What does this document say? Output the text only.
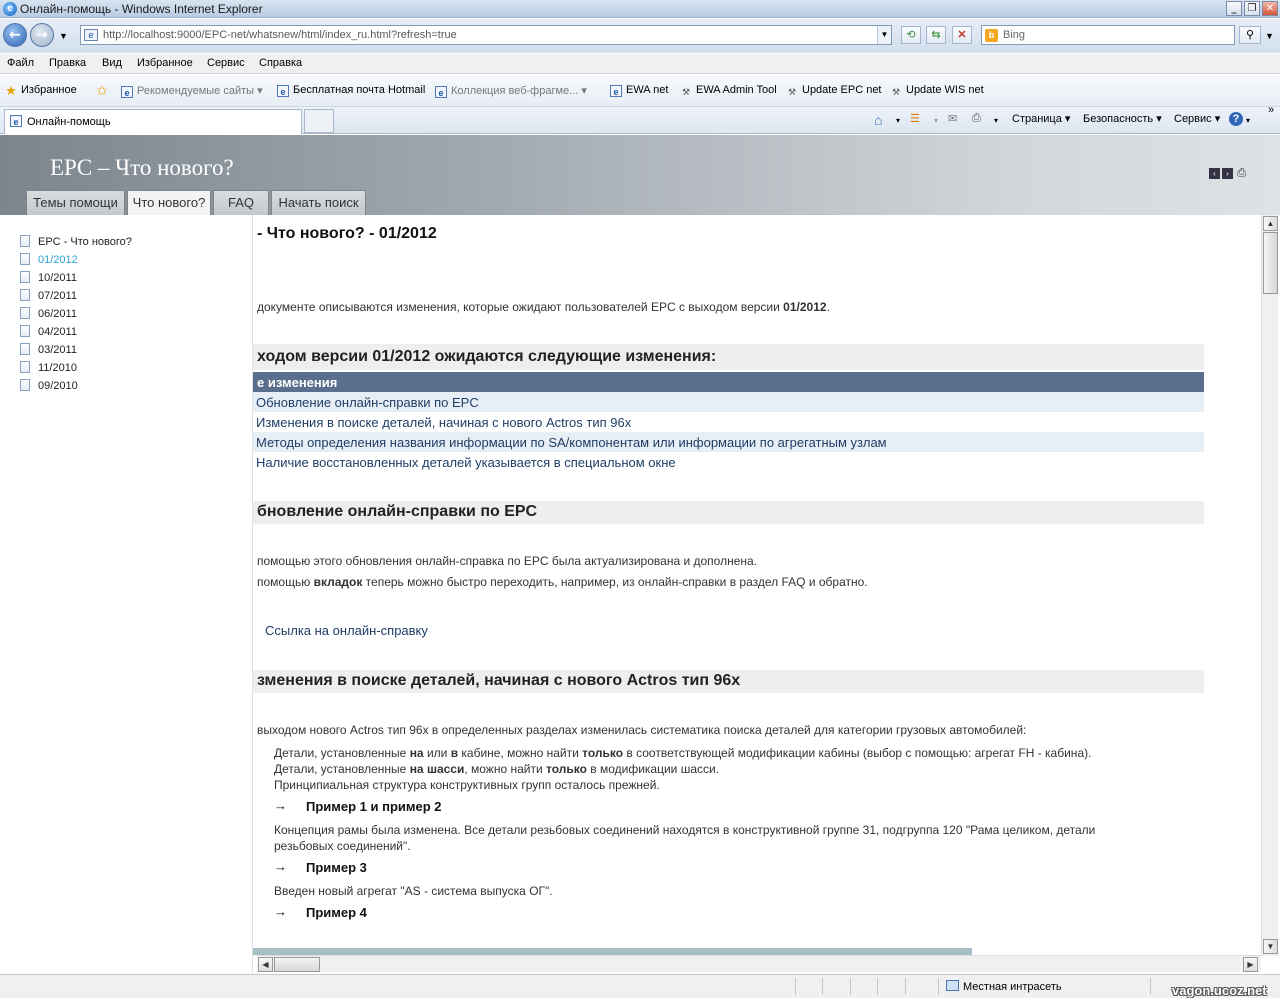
e Онлайн-помощь - Windows Internet Explorer	_	❐ ✕
←	→	▼	e http://localhost:9000/EPC-net/whatsnew/html/index_ru.html?refresh=true	▼	⟲	⇆	✕	b Bing	⚲	▼
Файл Правка Вид Избранное Сервис Справка
★ Избранное ✩	e Рекомендуемые сайты ▾	e Бесплатная почта Hotmail	e Коллекция веб-фрагме... ▾	e EWA net ⚒ EWA Admin Tool ⚒ Update EPC net ⚒ Update WIS net
e Онлайн-помощь	⌂ ▾ ☰ ▾ ✉ ⎙ ▾ Страница ▾ Безопасность ▾ Сервис ▾	? ▾
»
EPC – Что нового?
Темы помощи	Что нового?	FAQ	Начать поиск
‹	› ⎙
EPC - Что нового?
01/2012
10/2011
07/2011
06/2011
04/2011
03/2011
11/2010
09/2010
- Что нового? - 01/2012
документе описываются изменения, которые ожидают пользователей EPC с выходом версии 01/2012.
ходом версии 01/2012 ожидаются следующие изменения:
е изменения
Обновление онлайн-справки по EPC
Изменения в поиске деталей, начиная с нового Actros тип 96x
Методы определения названия информации по SA/компонентам или информации по агрегатным узлам
Наличие восстановленных деталей указывается в специальном окне
бновление онлайн-справки по EPC
помощью этого обновления онлайн-справка по EPC была актуализирована и дополнена.
помощью вкладок теперь можно быстро переходить, например, из онлайн-справки в раздел FAQ и обратно.
Ссылка на онлайн-справку
зменения в поиске деталей, начиная с нового Actros тип 96x
выходом нового Actros тип 96x в определенных разделах изменилась систематика поиска деталей для категории грузовых автомобилей:
Детали, установленные на или в кабине, можно найти только в соответствующей модификации кабины (выбор с помощью: агрегат FH - кабина).
Детали, установленные на шасси, можно найти только в модификации шасси.
Принципиальная структура конструктивных групп осталось прежней.
→ Пример 1 и пример 2
Концепция рамы была изменена. Все детали резьбовых соединений находятся в конструктивной группе 31, подгруппа 120 "Рама целиком, детали
резьбовых соединений".
→ Пример 3
Введен новый агрегат "AS - система выпуска ОГ".
→ Пример 4
▲
▼
◀	▶
Местная интрасеть	vagon.ucoz.net
